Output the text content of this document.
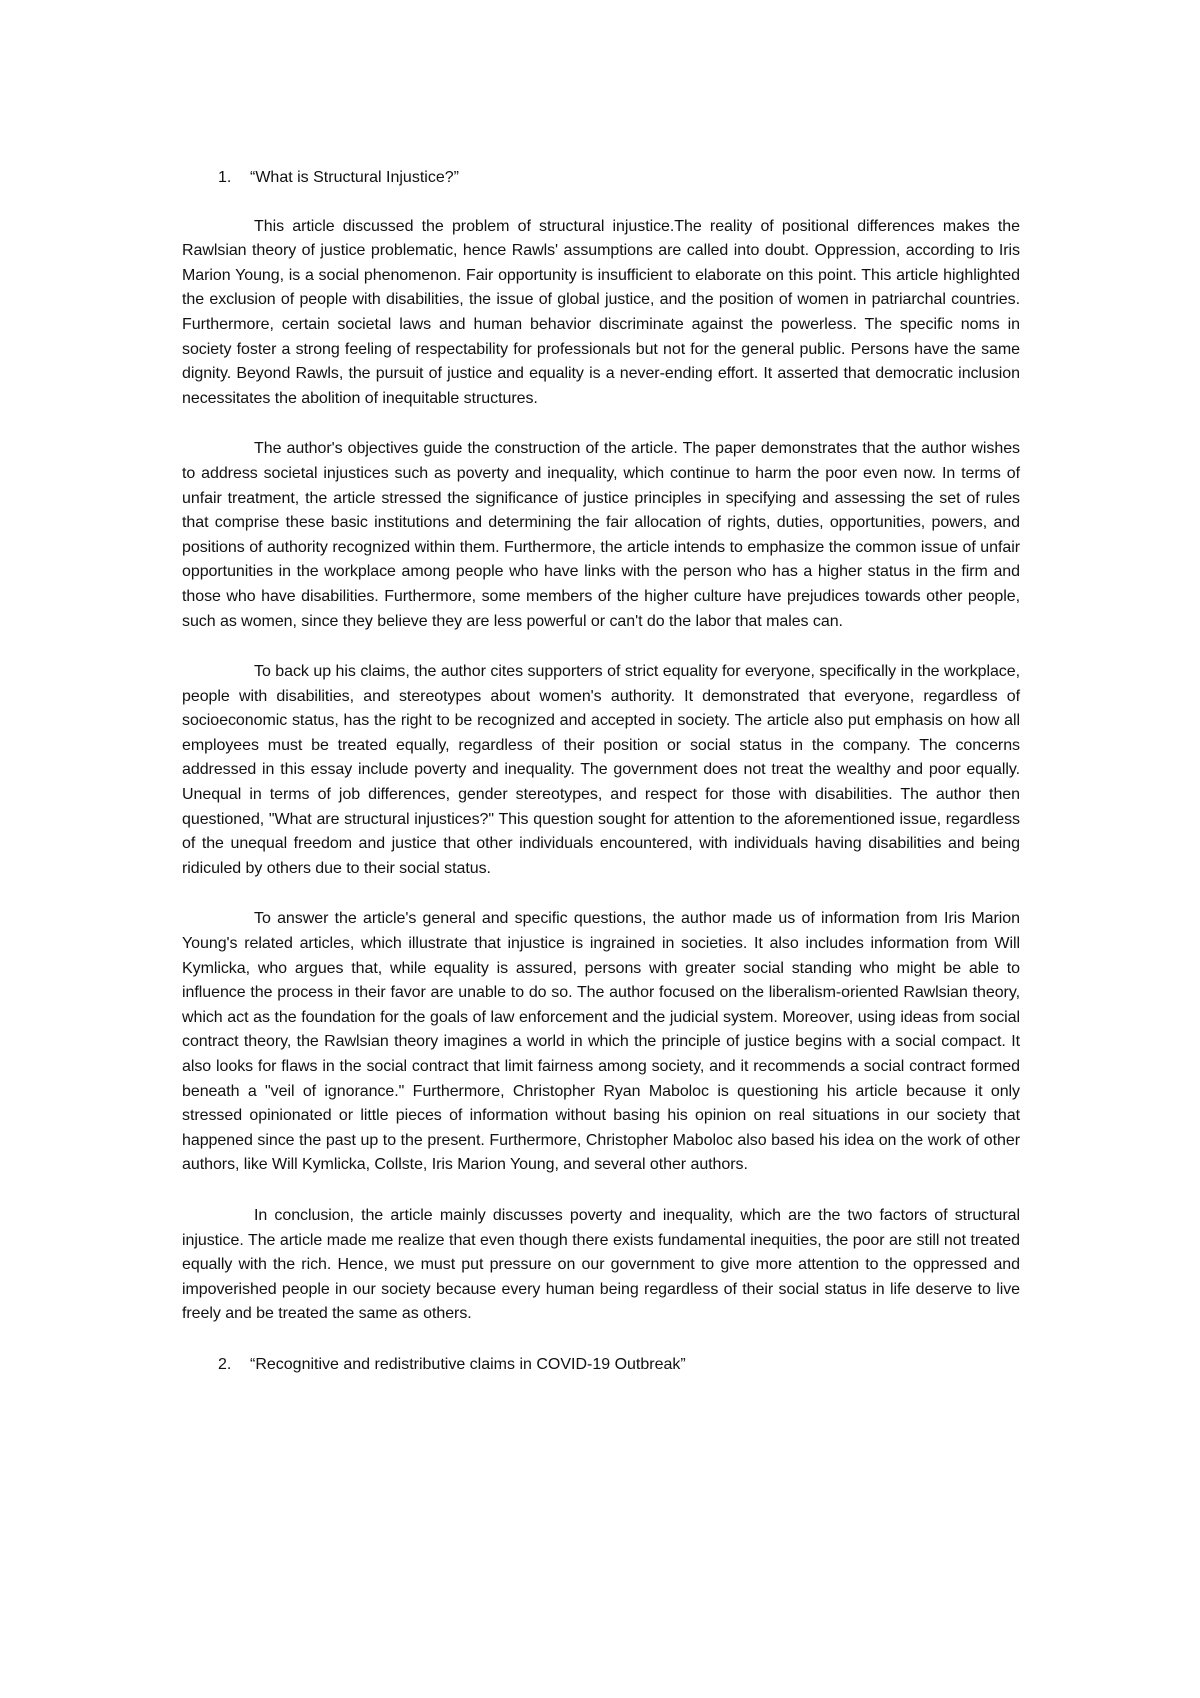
1.	“What is Structural Injustice?”

This article discussed the problem of structural injustice.The reality of positional differences makes the Rawlsian theory of justice problematic, hence Rawls' assumptions are called into doubt. Oppression, according to Iris Marion Young, is a social phenomenon. Fair opportunity is insufficient to elaborate on this point. This article highlighted the exclusion of people with disabilities, the issue of global justice, and the position of women in patriarchal countries. Furthermore, certain societal laws and human behavior discriminate against the powerless. The specific noms in society foster a strong feeling of respectability for professionals but not for the general public. Persons have the same dignity. Beyond Rawls, the pursuit of justice and equality is a never-ending effort. It asserted that democratic inclusion necessitates the abolition of inequitable structures.

The author's objectives guide the construction of the article. The paper demonstrates that the author wishes to address societal injustices such as poverty and inequality, which continue to harm the poor even now. In terms of unfair treatment, the article stressed the significance of justice principles in specifying and assessing the set of rules that comprise these basic institutions and determining the fair allocation of rights, duties, opportunities, powers, and positions of authority recognized within them. Furthermore, the article intends to emphasize the common issue of unfair opportunities in the workplace among people who have links with the person who has a higher status in the firm and those who have disabilities. Furthermore, some members of the higher culture have prejudices towards other people, such as women, since they believe they are less powerful or can't do the labor that males can.

To back up his claims, the author cites supporters of strict equality for everyone, specifically in the workplace, people with disabilities, and stereotypes about women's authority. It demonstrated that everyone, regardless of socioeconomic status, has the right to be recognized and accepted in society. The article also put emphasis on how all employees must be treated equally, regardless of their position or social status in the company. The concerns addressed in this essay include poverty and inequality. The government does not treat the wealthy and poor equally. Unequal in terms of job differences, gender stereotypes, and respect for those with disabilities. The author then questioned, "What are structural injustices?" This question sought for attention to the aforementioned issue, regardless of the unequal freedom and justice that other individuals encountered, with individuals having disabilities and being ridiculed by others due to their social status.

To answer the article's general and specific questions, the author made us of information from Iris Marion Young's related articles, which illustrate that injustice is ingrained in societies. It also includes information from Will Kymlicka, who argues that, while equality is assured, persons with greater social standing who might be able to influence the process in their favor are unable to do so. The author focused on the liberalism-oriented Rawlsian theory, which act as the foundation for the goals of law enforcement and the judicial system. Moreover, using ideas from social contract theory, the Rawlsian theory imagines a world in which the principle of justice begins with a social compact. It also looks for flaws in the social contract that limit fairness among society, and it recommends a social contract formed beneath a "veil of ignorance." Furthermore, Christopher Ryan Maboloc is questioning his article because it only stressed opinionated or little pieces of information without basing his opinion on real situations in our society that happened since the past up to the present. Furthermore, Christopher Maboloc also based his idea on the work of other authors, like Will Kymlicka, Collste, Iris Marion Young, and several other authors.

In conclusion, the article mainly discusses poverty and inequality, which are the two factors of structural injustice. The article made me realize that even though there exists fundamental inequities, the poor are still not treated equally with the rich. Hence, we must put pressure on our government to give more attention to the oppressed and impoverished people in our society because every human being regardless of their social status in life deserve to live freely and be treated the same as others.

2.	“Recognitive and redistributive claims in COVID-19 Outbreak”
